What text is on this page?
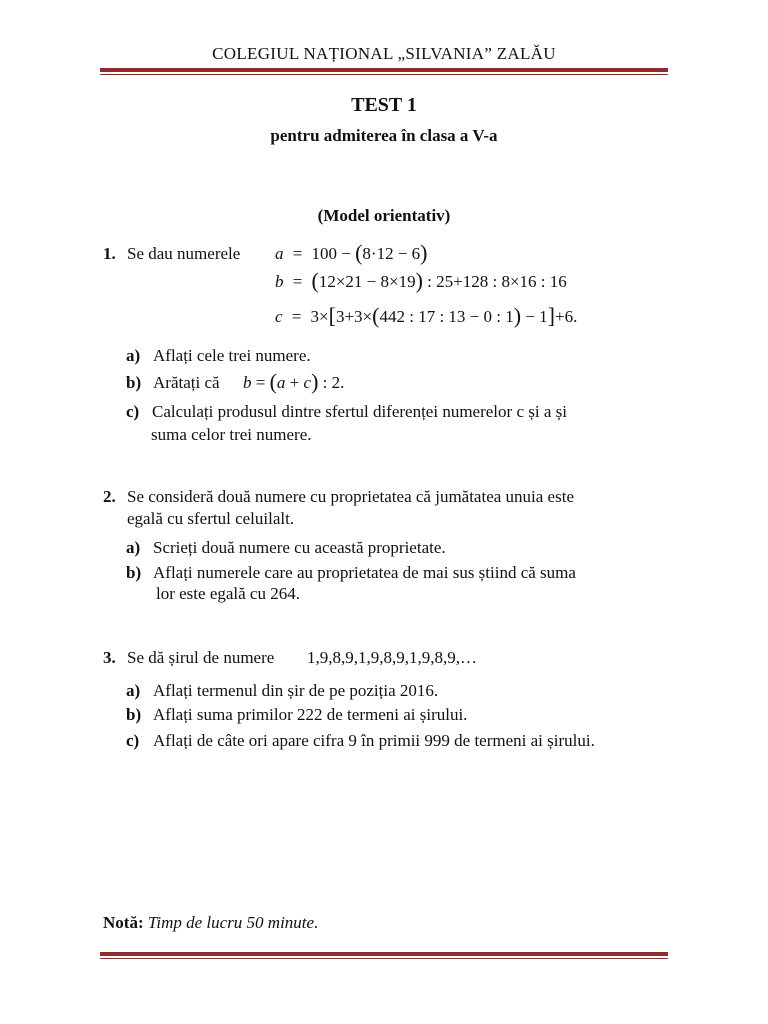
COLEGIUL NAȚIONAL „SILVANIA” ZALĂU
TEST 1
pentru admiterea în clasa a V-a
(Model orientativ)
1. Se dau numerele a = 100 − (8·12 − 6)
b = (12×21 − 8×19) : 25+128 : 8×16 : 16
c = 3×[3+3×(442 : 17 : 13 − 0 : 1) − 1]+6.
a) Aflați cele trei numere.
b) Arătați că b = (a + c) : 2.
c) Calculați produsul dintre sfertul diferenței numerelor c și a și
suma celor trei numere.
2. Se consideră două numere cu proprietatea că jumătatea unuia este
egală cu sfertul celuilalt.
a) Scrieți două numere cu această proprietate.
b) Aflați numerele care au proprietatea de mai sus știind că suma
lor este egală cu 264.
3. Se dă șirul de numere 1,9,8,9,1,9,8,9,1,9,8,9,…
a) Aflați termenul din șir de pe poziția 2016.
b) Aflați suma primilor 222 de termeni ai șirului.
c) Aflați de câte ori apare cifra 9 în primii 999 de termeni ai șirului.
Notă: Timp de lucru 50 minute.
